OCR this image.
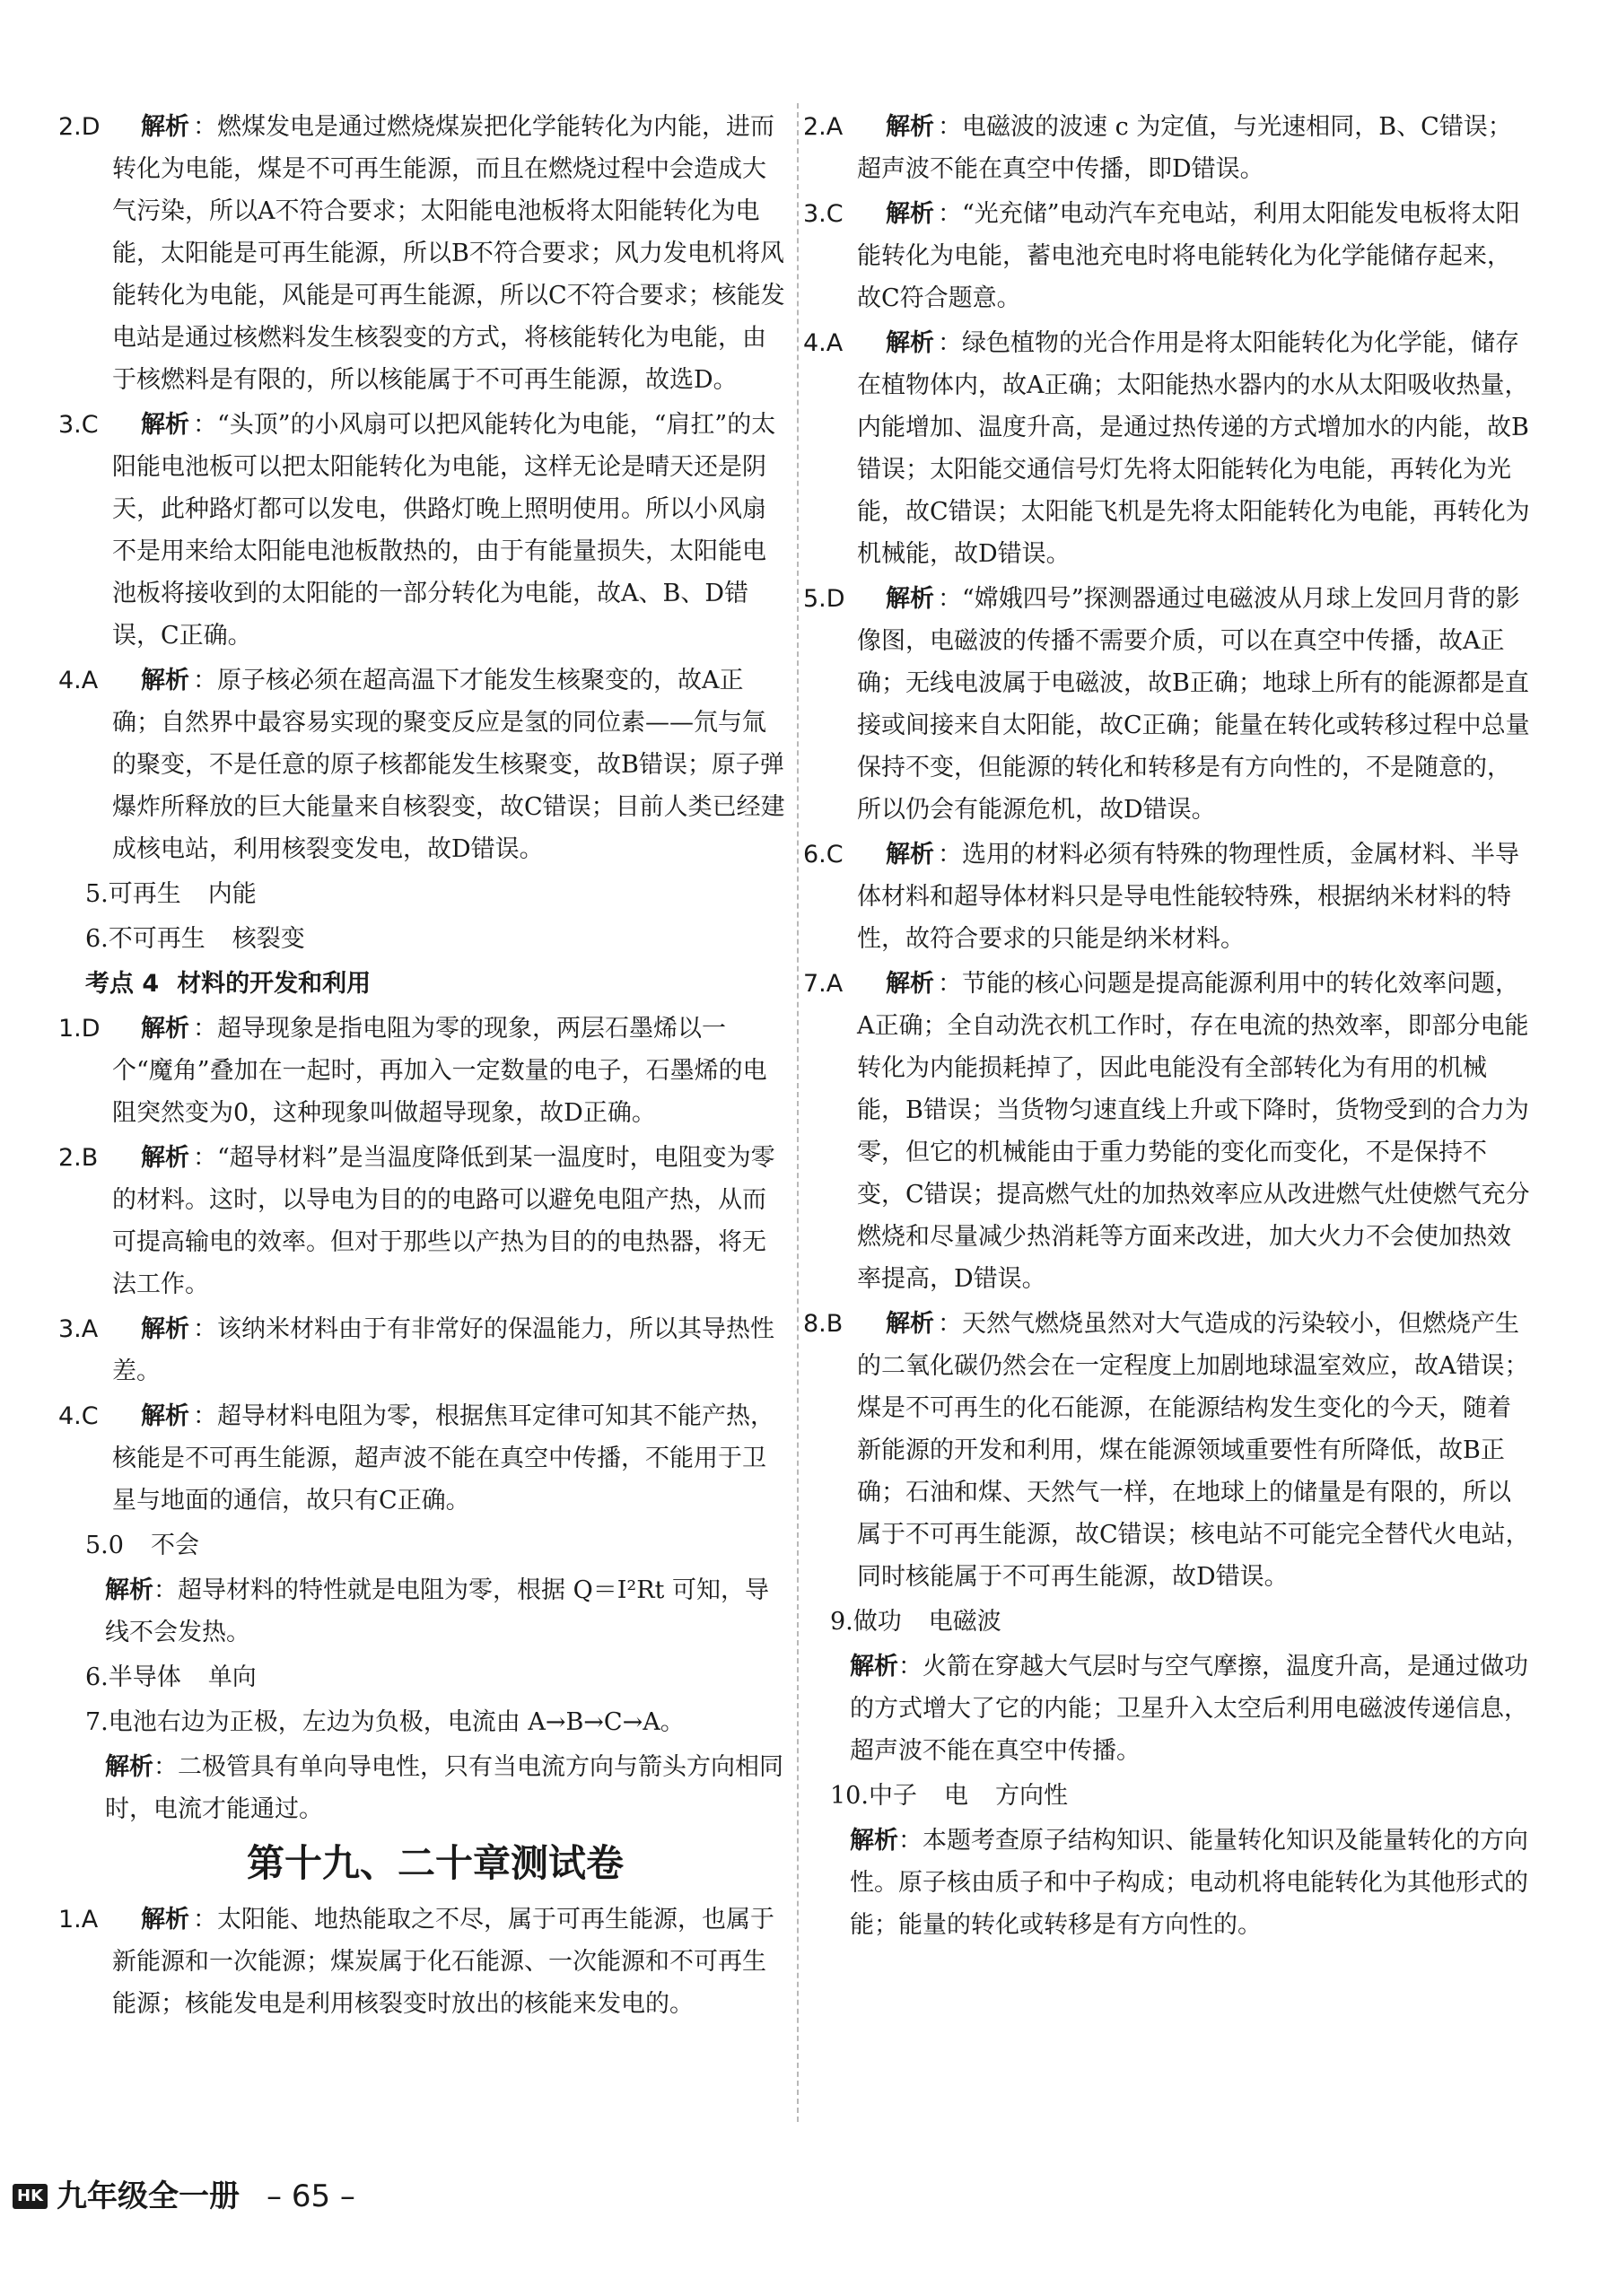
2.D 解析 ：燃煤发电是通过燃烧煤炭把化学能转化为内能，进而转化为电能，煤是不可再生能源，而且在燃烧过程中会造成大气污染，所以A不符合要求；太阳能电池板将太阳能转化为电能，太阳能是可再生能源，所以B不符合要求；风力发电机将风能转化为电能，风能是可再生能源，所以C不符合要求；核能发电站是通过核燃料发生核裂变的方式，将核能转化为电能，由于核燃料是有限的，所以核能属于不可再生能源，故选D。
3.C 解析 ：“头顶”的小风扇可以把风能转化为电能，“肩扛”的太阳能电池板可以把太阳能转化为电能，这样无论是晴天还是阴天，此种路灯都可以发电，供路灯晚上照明使用。所以小风扇不是用来给太阳能电池板散热的，由于有能量损失，太阳能电池板将接收到的太阳能的一部分转化为电能，故A、B、D错误，C正确。
4.A 解析 ：原子核必须在超高温下才能发生核聚变的，故A正确；自然界中最容易实现的聚变反应是氢的同位素——氘与氚的聚变，不是任意的原子核都能发生核聚变，故B错误；原子弹爆炸所释放的巨大能量来自核裂变，故C错误；目前人类已经建成核电站，利用核裂变发电，故D错误。
5.可再生 内能
6.不可再生 核裂变
考点 4 材料的开发和利用
1.D 解析 ：超导现象是指电阻为零的现象，两层石墨烯以一个“魔角”叠加在一起时，再加入一定数量的电子，石墨烯的电阻突然变为0，这种现象叫做超导现象，故D正确。
2.B 解析 ：“超导材料”是当温度降低到某一温度时，电阻变为零的材料。这时，以导电为目的的电路可以避免电阻产热，从而可提高输电的效率。但对于那些以产热为目的的电热器，将无法工作。
3.A 解析 ：该纳米材料由于有非常好的保温能力，所以其导热性差。
4.C 解析 ：超导材料电阻为零，根据焦耳定律可知其不能产热，核能是不可再生能源，超声波不能在真空中传播，不能用于卫星与地面的通信，故只有C正确。
5.0 不会
解析：超导材料的特性就是电阻为零，根据 Q＝I²Rt 可知，导线不会发热。
6.半导体 单向
7.电池右边为正极，左边为负极，电流由 A→B→C→A。
解析：二极管具有单向导电性，只有当电流方向与箭头方向相同时，电流才能通过。
第十九、二十章测试卷
1.A 解析 ：太阳能、地热能取之不尽，属于可再生能源，也属于新能源和一次能源；煤炭属于化石能源、一次能源和不可再生能源；核能发电是利用核裂变时放出的核能来发电的。
2.A 解析 ：电磁波的波速 c 为定值，与光速相同，B、C错误；超声波不能在真空中传播，即D错误。
3.C 解析 ：“光充储”电动汽车充电站，利用太阳能发电板将太阳能转化为电能，蓄电池充电时将电能转化为化学能储存起来，故C符合题意。
4.A 解析 ：绿色植物的光合作用是将太阳能转化为化学能，储存在植物体内，故A正确；太阳能热水器内的水从太阳吸收热量，内能增加、温度升高，是通过热传递的方式增加水的内能，故B错误；太阳能交通信号灯先将太阳能转化为电能，再转化为光能，故C错误；太阳能飞机是先将太阳能转化为电能，再转化为机械能，故D错误。
5.D 解析 ：“嫦娥四号”探测器通过电磁波从月球上发回月背的影像图，电磁波的传播不需要介质，可以在真空中传播，故A正确；无线电波属于电磁波，故B正确；地球上所有的能源都是直接或间接来自太阳能，故C正确；能量在转化或转移过程中总量保持不变，但能源的转化和转移是有方向性的，不是随意的，所以仍会有能源危机，故D错误。
6.C 解析 ：选用的材料必须有特殊的物理性质，金属材料、半导体材料和超导体材料只是导电性能较特殊，根据纳米材料的特性，故符合要求的只能是纳米材料。
7.A 解析 ：节能的核心问题是提高能源利用中的转化效率问题，A正确；全自动洗衣机工作时，存在电流的热效率，即部分电能转化为内能损耗掉了，因此电能没有全部转化为有用的机械能，B错误；当货物匀速直线上升或下降时，货物受到的合力为零，但它的机械能由于重力势能的变化而变化，不是保持不变，C错误；提高燃气灶的加热效率应从改进燃气灶使燃气充分燃烧和尽量减少热消耗等方面来改进，加大火力不会使加热效率提高，D错误。
8.B 解析 ：天然气燃烧虽然对大气造成的污染较小，但燃烧产生的二氧化碳仍然会在一定程度上加剧地球温室效应，故A错误；煤是不可再生的化石能源，在能源结构发生变化的今天，随着新能源的开发和利用，煤在能源领域重要性有所降低，故B正确；石油和煤、天然气一样，在地球上的储量是有限的，所以属于不可再生能源，故C错误；核电站不可能完全替代火电站，同时核能属于不可再生能源，故D错误。
9.做功 电磁波
解析：火箭在穿越大气层时与空气摩擦，温度升高，是通过做功的方式增大了它的内能；卫星升入太空后利用电磁波传递信息，超声波不能在真空中传播。
10.中子 电 方向性
解析：本题考查原子结构知识、能量转化知识及能量转化的方向性。原子核由质子和中子构成；电动机将电能转化为其他形式的能；能量的转化或转移是有方向性的。
HK 九年级全一册 – 65 –
